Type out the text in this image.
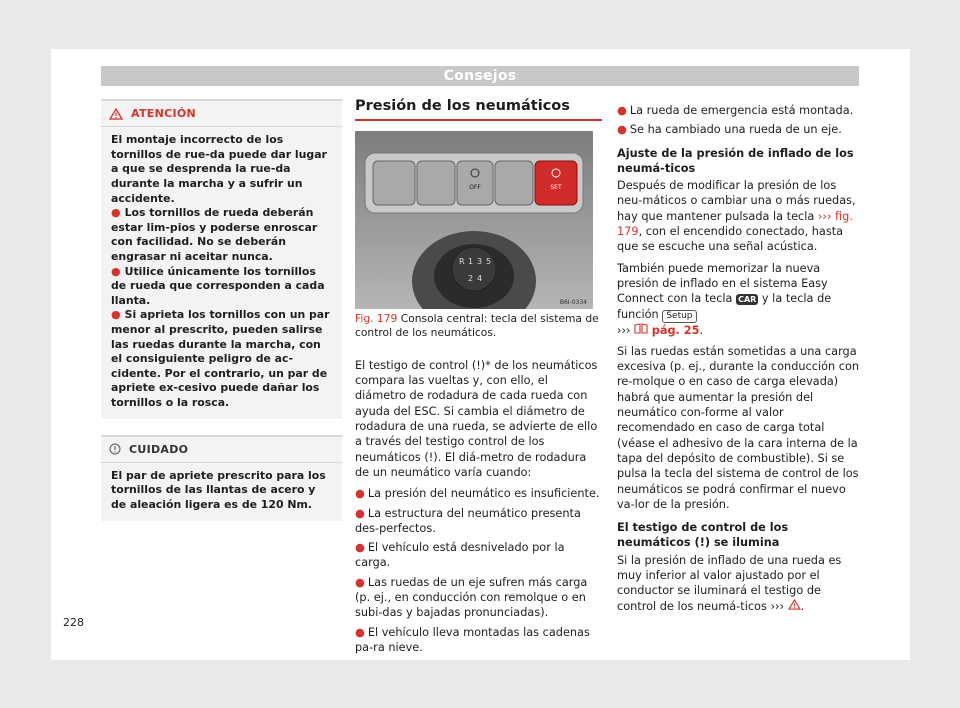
Consejos
ATENCIÓN

El montaje incorrecto de los tornillos de rue-da puede dar lugar a que se desprenda la rue-da durante la marcha y a sufrir un accidente.

● Los tornillos de rueda deberán estar lim-pios y poderse enroscar con facilidad. No se deberán engrasar ni aceitar nunca.

● Utilice únicamente los tornillos de rueda que corresponden a cada llanta.

● Si aprieta los tornillos con un par menor al prescrito, pueden salirse las ruedas durante la marcha, con el consiguiente peligro de ac-cidente. Por el contrario, un par de apriete ex-cesivo puede dañar los tornillos o la rosca.

CUIDADO

El par de apriete prescrito para los tornillos de las llantas de acero y de aleación ligera es de 120 Nm.

Presión de los neumáticos
OFF	SET
R 1 3 5
2 4
B6I-0334
Fig. 179 Consola central: tecla del sistema de control de los neumáticos.

El testigo de control (!)* de los neumáticos compara las vueltas y, con ello, el diámetro de rodadura de cada rueda con ayuda del ESC. Si cambia el diámetro de rodadura de una rueda, se advierte de ello a través del testigo control de los neumáticos (!). El diá-metro de rodadura de un neumático varía cuando:

● La presión del neumático es insuficiente.
● La estructura del neumático presenta des-perfectos.
● El vehículo está desnivelado por la carga.
● Las ruedas de un eje sufren más carga (p. ej., en conducción con remolque o en subi-das y bajadas pronunciadas).
● El vehículo lleva montadas las cadenas pa-ra nieve.
● La rueda de emergencia está montada.
● Se ha cambiado una rueda de un eje.
Ajuste de la presión de inflado de los neumá-ticos

Después de modificar la presión de los neu-máticos o cambiar una o más ruedas, hay que mantener pulsada la tecla ››› fig. 179, con el encendido conectado, hasta que se escuche una señal acústica.

También puede memorizar la nueva presión de inflado en el sistema Easy Connect con la tecla CAR y la tecla de función Setup
››› pág. 25.

Si las ruedas están sometidas a una carga excesiva (p. ej., durante la conducción con re-molque o en caso de carga elevada) habrá que aumentar la presión del neumático con-forme al valor recomendado en caso de carga total (véase el adhesivo de la cara interna de la tapa del depósito de combustible). Si se pulsa la tecla del sistema de control de los neumáticos se podrá confirmar el nuevo va-lor de la presión.

El testigo de control de los neumáticos (!) se ilumina

Si la presión de inflado de una rueda es muy inferior al valor ajustado por el conductor se iluminará el testigo de control de los neumá-ticos ››› .

228
